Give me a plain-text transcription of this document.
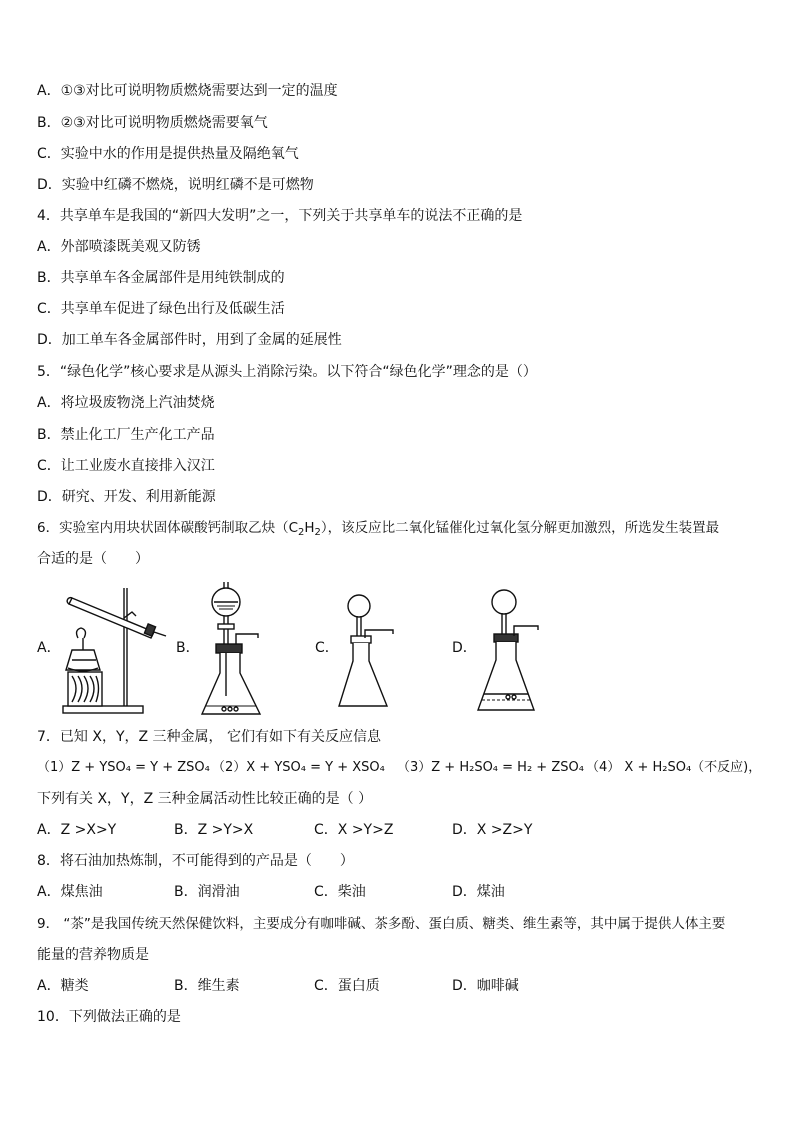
A．①③对比可说明物质燃烧需要达到一定的温度
B．②③对比可说明物质燃烧需要氧气
C．实验中水的作用是提供热量及隔绝氧气
D．实验中红磷不燃烧，说明红磷不是可燃物
4．共享单车是我国的“新四大发明”之一，下列关于共享单车的说法不正确的是
A．外部喷漆既美观又防锈
B．共享单车各金属部件是用纯铁制成的
C．共享单车促进了绿色出行及低碳生活
D．加工单车各金属部件时，用到了金属的延展性
5．“绿色化学”核心要求是从源头上消除污染。以下符合“绿色化学”理念的是（）
A．将垃圾废物浇上汽油焚烧
B．禁止化工厂生产化工产品
C．让工业废水直接排入汉江
D．研究、开发、利用新能源
6．实验室内用块状固体碳酸钙制取乙炔$(C_2H_2)$，该反应比二氧化锰催化过氧化氢分解更加激烈，所选发生装置最
合适的是（　　）
A．	B．	C．	D．
7．已知 X，Y，Z 三种金属， 它们有如下有关反应信息
（1）Z + YSO₄ = Y + ZSO₄ （2）X + YSO₄ = Y + XSO₄ （3）Z + H₂SO₄ = H₂ + ZSO₄ （4） X + H₂SO₄（不反应)，
下列有关 X，Y，Z 三种金属活动性比较正确的是（ ）
A．Z >X>Y	B．Z >Y>X	C．X >Y>Z	D．X >Z>Y
8．将石油加热炼制，不可能得到的产品是（　　）
A．煤焦油	B．润滑油	C．柴油	D．煤油
9． “茶”是我国传统天然保健饮料，主要成分有咖啡碱、茶多酚、蛋白质、糖类、维生素等，其中属于提供人体主要
能量的营养物质是
A．糖类	B．维生素	C．蛋白质	D．咖啡碱
10．下列做法正确的是
